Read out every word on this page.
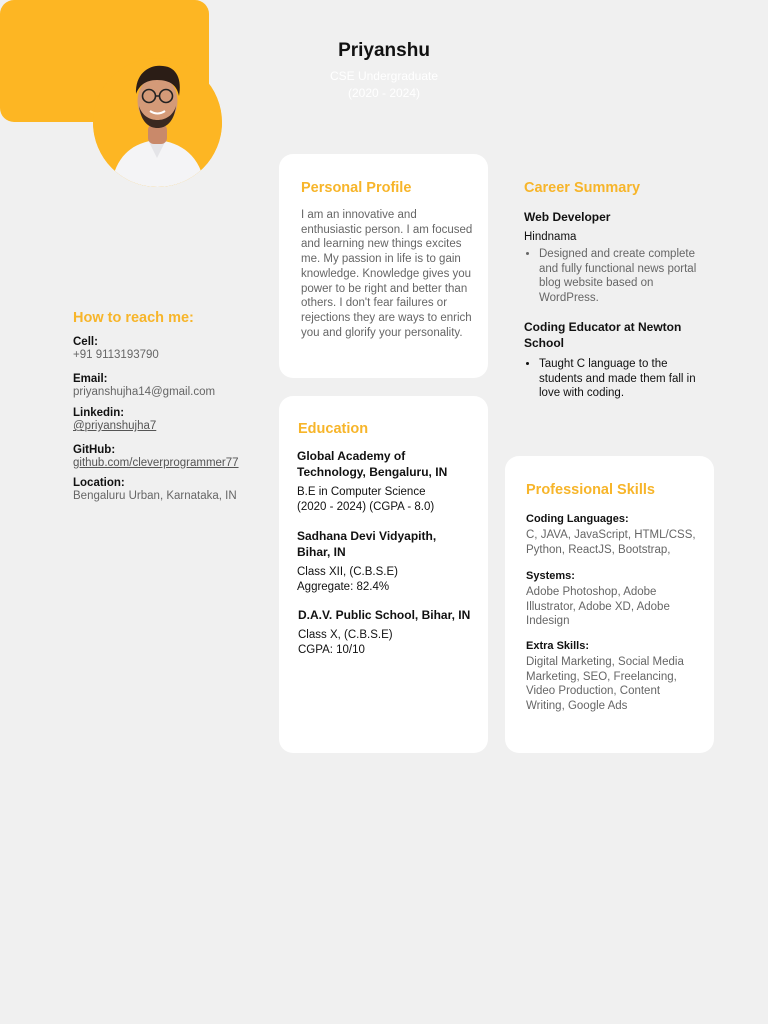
Priyanshu
CSE Undergraduate
(2020 - 2024)
How to reach me:
Cell:
+91 9113193790
Email:
priyanshujha14@gmail.com
Linkedin:
@priyanshujha7
GitHub:
github.com/cleverprogrammer77
Location:
Bengaluru Urban, Karnataka, IN
Personal Profile
I am an innovative and enthusiastic person. I am focused and learning new things excites me. My passion in life is to gain knowledge. Knowledge gives you power to be right and better than others. I don't fear failures or rejections they are ways to enrich you and glorify your personality.
Career Summary
Web Developer
Hindnama
• Designed and create complete and fully functional news portal blog website based on WordPress.
Coding Educator at Newton School
• Taught C language to the students and made them fall in love with coding.
Education
Global Academy of Technology, Bengaluru, IN
B.E in Computer Science
(2020 - 2024) (CGPA - 8.0)
Sadhana Devi Vidyapith, Bihar, IN
Class XII, (C.B.S.E)
Aggregate: 82.4%
D.A.V. Public School, Bihar, IN
Class X, (C.B.S.E)
CGPA: 10/10
Professional Skills
Coding Languages:
C, JAVA, JavaScript, HTML/CSS, Python, ReactJS, Bootstrap,
Systems:
Adobe Photoshop, Adobe Illustrator, Adobe XD, Adobe Indesign
Extra Skills:
Digital Marketing, Social Media Marketing, SEO, Freelancing, Video Production, Content Writing, Google Ads
